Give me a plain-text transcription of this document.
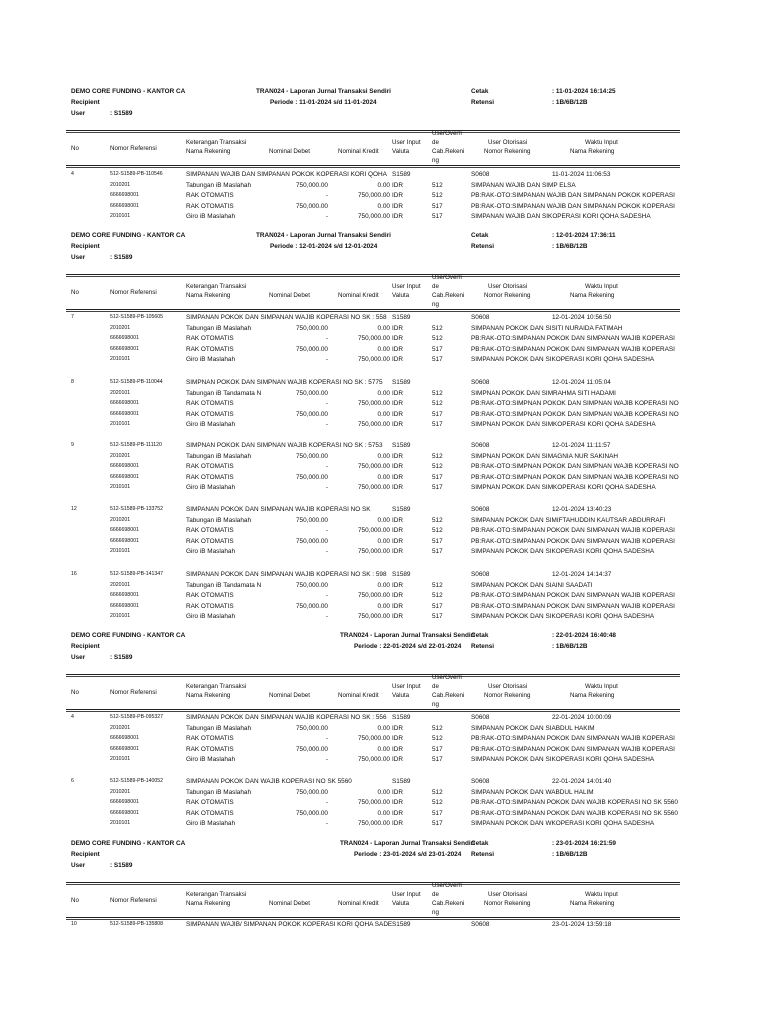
DEMO CORE FUNDING - KANTOR CA
Recipient
User	: S1589
TRAN024 - Laporan Jurnal Transaksi Sendiri
Periode : 11-01-2024 s/d 11-01-2024
Cetak	: 11-01-2024 16:14:25
Retensi	: 1B/6B/12B
No	Nomor Referensi
Keterangan Transaksi
Nama Rekening	Nominal Debet	Nominal Kredit
User Input
Valuta
UserOverri
de
Cab.Rekeni
ng
User Otorisasi
Nomor Rekening
Waktu Input
Nama Rekening
4	512-S1589-PB-110546	SIMPANAN WAJIB DAN SIMPANAN POKOK KOPERASI KORI QOHA S1589	S0608	11-01-2024 11:06:53
2010201	Tabungan iB Maslahah	750,000.00	0.00 IDR	512	SIMPANAN WAJIB DAN SIMP ELSA
6666698001	RAK OTOMATIS	-	750,000.00 IDR	512	PB:RAK-OTO:SIMPANAN WAJIB DAN SIMPANAN POKOK KOPERASI
6666698001	RAK OTOMATIS	750,000.00	0.00 IDR	517	PB:RAK-OTO:SIMPANAN WAJIB DAN SIMPANAN POKOK KOPERASI
2010101	Giro iB Maslahah	-	750,000.00 IDR	517	SIMPANAN WAJIB DAN SIKOPERASI KORI QOHA SADESHA
DEMO CORE FUNDING - KANTOR CA
Recipient
User	: S1589
TRAN024 - Laporan Jurnal Transaksi Sendiri
Periode : 12-01-2024 s/d 12-01-2024
Cetak	: 12-01-2024 17:36:11
Retensi	: 1B/6B/12B
No	Nomor Referensi
Keterangan Transaksi
Nama Rekening	Nominal Debet	Nominal Kredit
User Input
Valuta
UserOverri
de
Cab.Rekeni
ng
User Otorisasi
Nomor Rekening
Waktu Input
Nama Rekening
7	512-S1589-PB-105605	SIMPANAN POKOK DAN SIMPANAN WAJIB KOPERASI NO SK : 558 S1589	S0608	12-01-2024 10:56:50
2010201	Tabungan iB Maslahah	750,000.00	0.00 IDR	512	SIMPANAN POKOK DAN SISITI NURAIDA FATIMAH
6666698001	RAK OTOMATIS	-	750,000.00 IDR	512	PB:RAK-OTO:SIMPANAN POKOK DAN SIMPANAN WAJIB KOPERASI
6666698001	RAK OTOMATIS	750,000.00	0.00 IDR	517	PB:RAK-OTO:SIMPANAN POKOK DAN SIMPANAN WAJIB KOPERASI
2010101	Giro iB Maslahah	-	750,000.00 IDR	517	SIMPANAN POKOK DAN SIKOPERASI KORI QOHA SADESHA
8	512-S1589-PB-110044	SIMPNAN POKOK DAN SIMPNAN WAJIB KOPERASI NO SK : 5775 S1589	S0608	12-01-2024 11:05:04
2020101	Tabungan iB Tandamata N	750,000.00	0.00 IDR	512	SIMPNAN POKOK DAN SIMRAHMA SITI HADAMI
6666698001	RAK OTOMATIS	-	750,000.00 IDR	512	PB:RAK-OTO:SIMPNAN POKOK DAN SIMPNAN WAJIB KOPERASI NO
6666698001	RAK OTOMATIS	750,000.00	0.00 IDR	517	PB:RAK-OTO:SIMPNAN POKOK DAN SIMPNAN WAJIB KOPERASI NO
2010101	Giro iB Maslahah	-	750,000.00 IDR	517	SIMPNAN POKOK DAN SIMKOPERASI KORI QOHA SADESHA
9	512-S1589-PB-111120	SIMPNAN POKOK DAN SIMPNAN WAJIB KOPERASI NO SK : 5753 S1589	S0608	12-01-2024 11:11:57
2010201	Tabungan iB Maslahah	750,000.00	0.00 IDR	512	SIMPNAN POKOK DAN SIMAGNIA NUR SAKINAH
6666698001	RAK OTOMATIS	-	750,000.00 IDR	512	PB:RAK-OTO:SIMPNAN POKOK DAN SIMPNAN WAJIB KOPERASI NO
6666698001	RAK OTOMATIS	750,000.00	0.00 IDR	517	PB:RAK-OTO:SIMPNAN POKOK DAN SIMPNAN WAJIB KOPERASI NO
2010101	Giro iB Maslahah	-	750,000.00 IDR	517	SIMPNAN POKOK DAN SIMKOPERASI KORI QOHA SADESHA
12	512-S1589-PB-133752	SIMPANAN POKOK DAN SIMPANAN WAJIB KOPERASI NO SK	S1589	S0608	12-01-2024 13:40:23
2010201	Tabungan iB Maslahah	750,000.00	0.00 IDR	512	SIMPANAN POKOK DAN SIMIFTAHUDDIN KAUTSAR ABDURRAFI
6666698001	RAK OTOMATIS	-	750,000.00 IDR	512	PB:RAK-OTO:SIMPANAN POKOK DAN SIMPANAN WAJIB KOPERASI
6666698001	RAK OTOMATIS	750,000.00	0.00 IDR	517	PB:RAK-OTO:SIMPANAN POKOK DAN SIMPANAN WAJIB KOPERASI
2010101	Giro iB Maslahah	-	750,000.00 IDR	517	SIMPANAN POKOK DAN SIKOPERASI KORI QOHA SADESHA
16	512-S1589-PB-141347	SIMPANAN POKOK DAN SIMPANAN WAJIB KOPERASI NO SK : 598 S1589	S0608	12-01-2024 14:14:37
2020101	Tabungan iB Tandamata N	750,000.00	0.00 IDR	512	SIMPANAN POKOK DAN SIAINI SAADATI
6666698001	RAK OTOMATIS	-	750,000.00 IDR	512	PB:RAK-OTO:SIMPANAN POKOK DAN SIMPANAN WAJIB KOPERASI
6666698001	RAK OTOMATIS	750,000.00	0.00 IDR	517	PB:RAK-OTO:SIMPANAN POKOK DAN SIMPANAN WAJIB KOPERASI
2010101	Giro iB Maslahah	-	750,000.00 IDR	517	SIMPANAN POKOK DAN SIKOPERASI KORI QOHA SADESHA
DEMO CORE FUNDING - KANTOR CA
Recipient
User	: S1589
TRAN024 - Laporan Jurnal Transaksi Sendiri
Periode : 22-01-2024 s/d 22-01-2024
Cetak	: 22-01-2024 16:40:48
Retensi	: 1B/6B/12B
No	Nomor Referensi
Keterangan Transaksi
Nama Rekening	Nominal Debet	Nominal Kredit
User Input
Valuta
UserOverri
de
Cab.Rekeni
ng
User Otorisasi
Nomor Rekening
Waktu Input
Nama Rekening
4	512-S1589-PB-095327	SIMPANAN POKOK DAN SIMPANAN WAJIB KOPERASI NO SK : 556 S1589	S0608	22-01-2024 10:00:09
2010201	Tabungan iB Maslahah	750,000.00	0.00 IDR	512	SIMPANAN POKOK DAN SIABDUL HAKIM
6666698001	RAK OTOMATIS	-	750,000.00 IDR	512	PB:RAK-OTO:SIMPANAN POKOK DAN SIMPANAN WAJIB KOPERASI
6666698001	RAK OTOMATIS	750,000.00	0.00 IDR	517	PB:RAK-OTO:SIMPANAN POKOK DAN SIMPANAN WAJIB KOPERASI
2010101	Giro iB Maslahah	-	750,000.00 IDR	517	SIMPANAN POKOK DAN SIKOPERASI KORI QOHA SADESHA
6	512-S1589-PB-140052	SIMPANAN POKOK DAN WAJIB KOPERASI NO SK 5560	S1589	S0608	22-01-2024 14:01:40
2010201	Tabungan iB Maslahah	750,000.00	0.00 IDR	512	SIMPANAN POKOK DAN WABDUL HALIM
6666698001	RAK OTOMATIS	-	750,000.00 IDR	512	PB:RAK-OTO:SIMPANAN POKOK DAN WAJIB KOPERASI NO SK 5560
6666698001	RAK OTOMATIS	750,000.00	0.00 IDR	517	PB:RAK-OTO:SIMPANAN POKOK DAN WAJIB KOPERASI NO SK 5560
2010101	Giro iB Maslahah	-	750,000.00 IDR	517	SIMPANAN POKOK DAN WKOPERASI KORI QOHA SADESHA
DEMO CORE FUNDING - KANTOR CA
Recipient
User	: S1589
TRAN024 - Laporan Jurnal Transaksi Sendiri
Periode : 23-01-2024 s/d 23-01-2024
Cetak	: 23-01-2024 16:21:59
Retensi	: 1B/6B/12B
No	Nomor Referensi
Keterangan Transaksi
Nama Rekening	Nominal Debet	Nominal Kredit
User Input
Valuta
UserOverri
de
Cab.Rekeni
ng
User Otorisasi
Nomor Rekening
Waktu Input
Nama Rekening
10	512-S1589-PB-135808	SIMPANAN WAJIB/ SIMPANAN POKOK KOPERASI KORI QOHA SADE S1589	S0608	23-01-2024 13:59:18
